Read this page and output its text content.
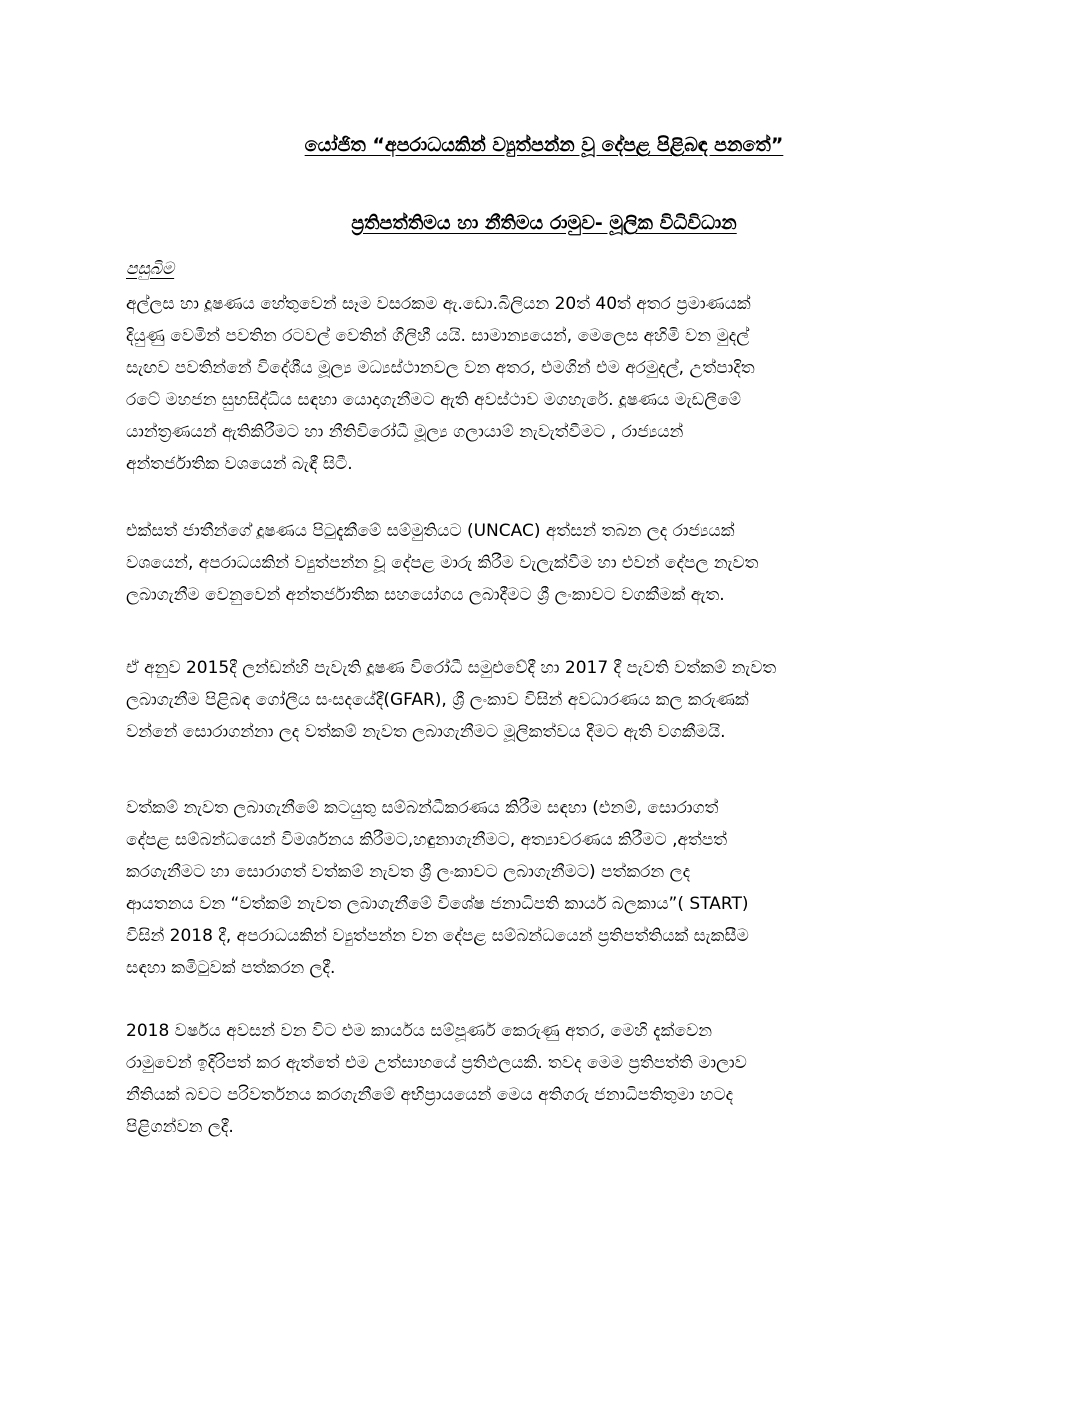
යෝජිත “අපරාධයකින් ව්‍යුත්පන්න වූ දේපළ පිළිබඳ පනතේ”
ප්‍රතිපත්තිමය හා නීතිමය රාමුව- මූලික විධිවිධාන
පසුබිම
අල්ලස හා දූෂණය හේතුවෙන් සෑම වසරකම ඇ.ඩො.බිලියන 20ත් 40ත් අතර ප්‍රමාණයක්
දියුණු වෙමින් පවතින රටවල් වෙතින් ගිලිහී යයි. සාමාන්‍යයෙන්, මෙලෙස අහිමි වන මුදල්
සැඟව පවතින්නේ විදේශීය මූල්‍ය මධ්‍යස්ථානවල වන අතර, එමගින් එම අරමුදල්, උත්පාදිත
රටේ මහජන සුභසිද්ධිය සඳහා යොදාගැනීමට ඇති අවස්ථාව මගහැරේ. දූෂණය මැඩලීමේ
යාන්ත්‍රණයන් ඇතිකිරීමට හා නීතිවිරෝධී මූල්‍ය ගලායාම් නැවැත්වීමට , රාජ්‍යයන්
අන්තර්ජාතික වශයෙන් බැඳී සිටී.
එක්සත් ජාතීන්ගේ දූෂණය පිටුදැකීමේ සම්මුතියට (UNCAC) අත්සන් තබන ලද රාජ්‍යයක්
වශයෙන්, අපරාධයකින් ව්‍යුත්පන්න වූ දේපළ මාරු කිරීම වැලැක්වීම හා එවන් දේපල නැවත
ලබාගැනීම වෙනුවෙන් අන්තර්ජාතික සහයෝගය ලබාදීමට ශ්‍රී ලංකාවට වගකීමක් ඇත.
ඒ අනුව 2015දී ලන්ඩන්හි පැවැති දූෂණ විරෝධී සමුළුවේදී හා 2017 දී පැවති වත්කම් නැවත
ලබාගැනීම පිළිබඳ ගෝලීය සංසදයේදී(GFAR), ශ්‍රී ලංකාව විසින් අවධාරණය කල කරුණක්
වන්නේ සොරාගන්නා ලද වත්කම් නැවත ලබාගැනීමට මූලිකත්වය දීමට ඇති වගකීමයි.
වත්කම් නැවත ලබාගැනීමේ කටයුතු සම්බන්ධීකරණය කිරීම සඳහා (එනම්, සොරාගත්
දේපළ සම්බන්ධයෙන් විමර්ශනය කිරීමට,හඳුනාගැනීමට, අත්‍යාවරණය කිරීමට ,අත්පත්
කරගැනීමට හා සොරාගත් වත්කම් නැවත ශ්‍රී ලංකාවට ලබාගැනීමට) පත්කරන ලද
ආයතනය වන “වත්කම් නැවත ලබාගැනීමේ විශේෂ ජනාධිපති කාර්ය බලකාය”( START)
විසින් 2018 දී, අපරාධයකින් ව්‍යුත්පන්න වන දේපළ සම්බන්ධයෙන් ප්‍රතිපත්තියක් සැකසීම
සඳහා කමිටුවක් පත්කරන ලදී.
2018 වර්ෂය අවසන් වන විට එම කාර්යය සම්පූර්ණ කෙරුණු අතර, මෙහි දැක්වෙන
රාමුවෙන් ඉදිරිපත් කර ඇත්තේ එම උත්සාහයේ ප්‍රතිඵලයකි. තවද මෙම ප්‍රතිපත්ති මාලාව
නීතියක් බවට පරිවර්තනය කරගැනීමේ අභිප්‍රායයෙන් මෙය අතිගරු ජනාධිපතිතුමා හටද
පිළිගන්වන ලදී.
